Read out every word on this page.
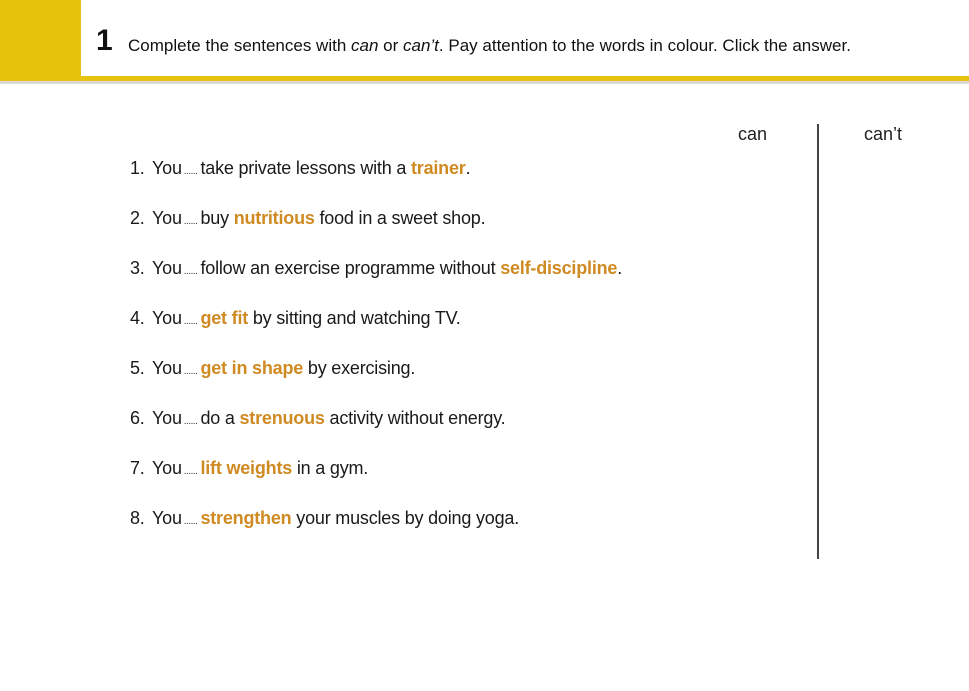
1 Complete the sentences with can or can’t. Pay attention to the words in colour. Click the answer.
can	can’t
1. You ...... take private lessons with a trainer.
2. You ...... buy nutritious food in a sweet shop.
3. You ...... follow an exercise programme without self-discipline.
4. You ...... get fit by sitting and watching TV.
5. You ...... get in shape by exercising.
6. You ...... do a strenuous activity without energy.
7. You ...... lift weights in a gym.
8. You ...... strengthen your muscles by doing yoga.
